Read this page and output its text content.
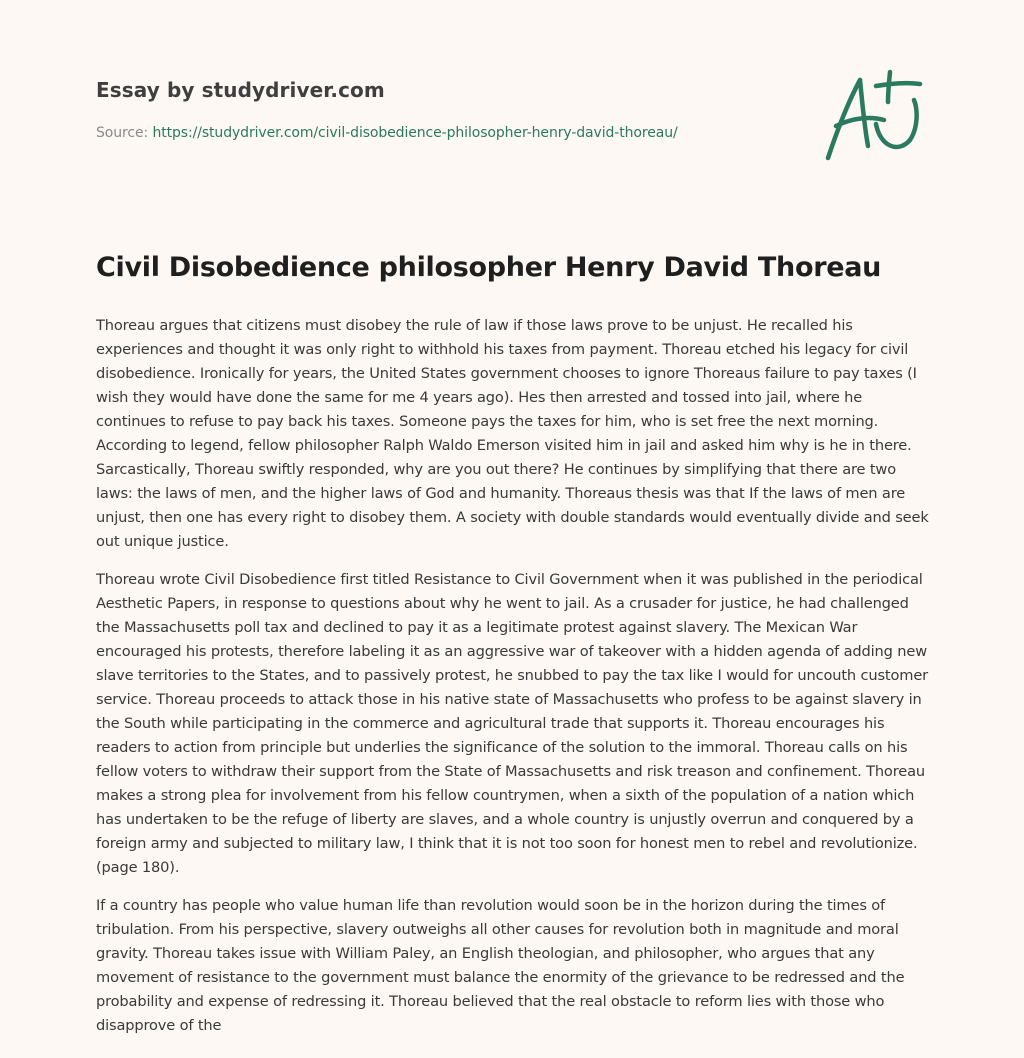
Essay by studydriver.com
Source: https://studydriver.com/civil-disobedience-philosopher-henry-david-thoreau/
Civil Disobedience philosopher Henry David Thoreau

Thoreau argues that citizens must disobey the rule of law if those laws prove to be unjust. He recalled his experiences and thought it was only right to withhold his taxes from payment. Thoreau etched his legacy for civil disobedience. Ironically for years, the United States government chooses to ignore Thoreaus failure to pay taxes (I wish they would have done the same for me 4 years ago). Hes then arrested and tossed into jail, where he continues to refuse to pay back his taxes. Someone pays the taxes for him, who is set free the next morning. According to legend, fellow philosopher Ralph Waldo Emerson visited him in jail and asked him why is he in there. Sarcastically, Thoreau swiftly responded, why are you out there? He continues by simplifying that there are two laws: the laws of men, and the higher laws of God and humanity. Thoreaus thesis was that If the laws of men are unjust, then one has every right to disobey them. A society with double standards would eventually divide and seek out unique justice.

Thoreau wrote Civil Disobedience first titled Resistance to Civil Government when it was published in the periodical Aesthetic Papers, in response to questions about why he went to jail. As a crusader for justice, he had challenged the Massachusetts poll tax and declined to pay it as a legitimate protest against slavery. The Mexican War encouraged his protests, therefore labeling it as an aggressive war of takeover with a hidden agenda of adding new slave territories to the States, and to passively protest, he snubbed to pay the tax like I would for uncouth customer service. Thoreau proceeds to attack those in his native state of Massachusetts who profess to be against slavery in the South while participating in the commerce and agricultural trade that supports it. Thoreau encourages his readers to action from principle but underlies the significance of the solution to the immoral. Thoreau calls on his fellow voters to withdraw their support from the State of Massachusetts and risk treason and confinement. Thoreau makes a strong plea for involvement from his fellow countrymen, when a sixth of the population of a nation which has undertaken to be the refuge of liberty are slaves, and a whole country is unjustly overrun and conquered by a foreign army and subjected to military law, I think that it is not too soon for honest men to rebel and revolutionize. (page 180).

If a country has people who value human life than revolution would soon be in the horizon during the times of tribulation. From his perspective, slavery outweighs all other causes for revolution both in magnitude and moral gravity. Thoreau takes issue with William Paley, an English theologian, and philosopher, who argues that any movement of resistance to the government must balance the enormity of the grievance to be redressed and the probability and expense of redressing it. Thoreau believed that the real obstacle to reform lies with those who disapprove of the
